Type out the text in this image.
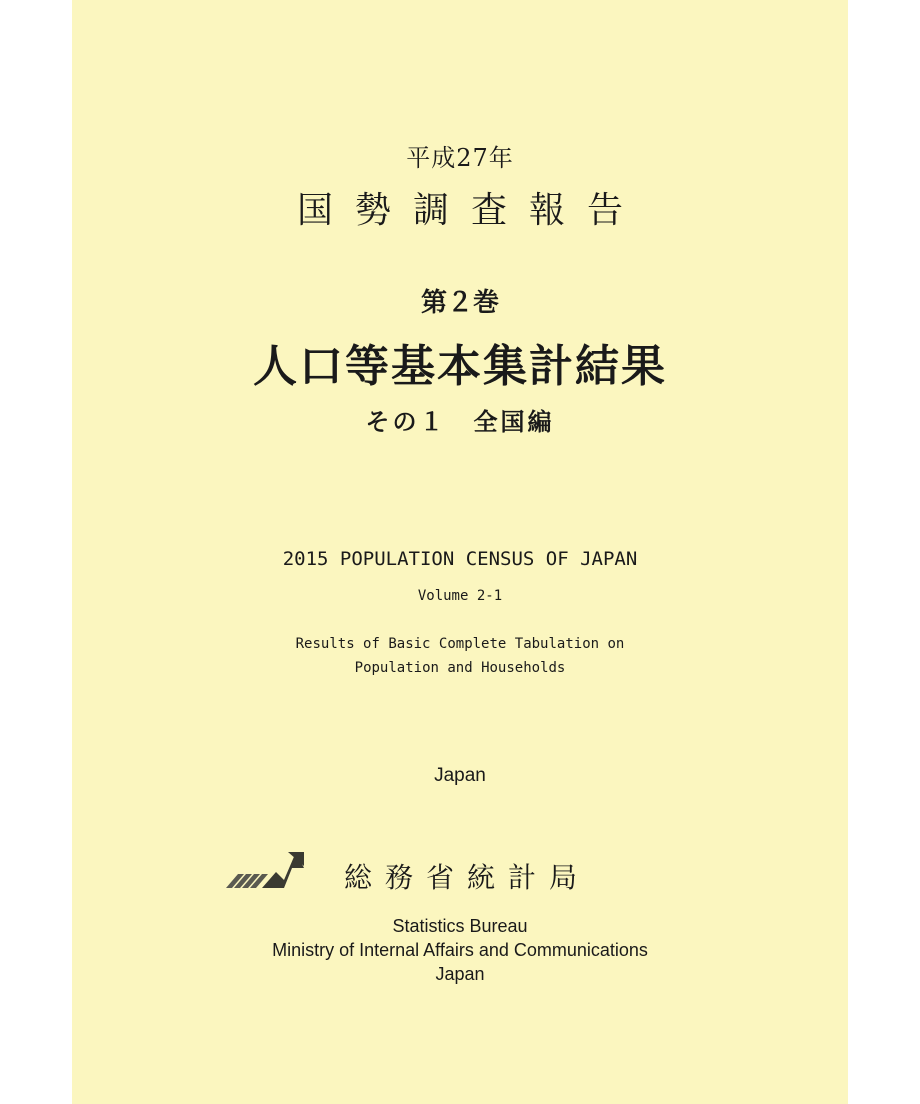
平成27年
国勢調査報告
第２巻
人口等基本集計結果
その１　全国編
2015 POPULATION CENSUS OF JAPAN
Volume 2-1
Results of Basic Complete Tabulation on
Population and Households
Japan
総務省統計局
Statistics Bureau
Ministry of Internal Affairs and Communications
Japan
